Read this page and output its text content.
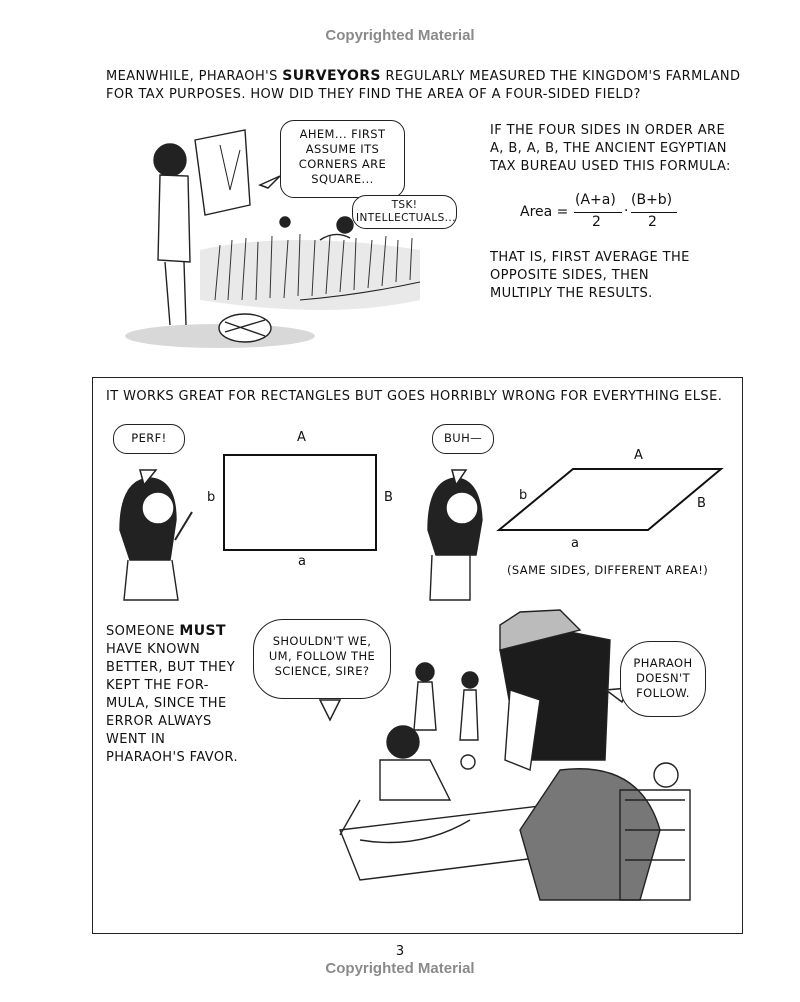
Copyrighted Material
3
Copyrighted Material
MEANWHILE, PHARAOH'S SURVEYORS REGULARLY MEASURED THE KINGDOM'S FARMLAND
FOR TAX PURPOSES. HOW DID THEY FIND THE AREA OF A FOUR-SIDED FIELD?
AHEM... FIRST ASSUME ITS CORNERS ARE SQUARE...
TSK! INTELLECTUALS...
IF THE FOUR SIDES IN ORDER ARE A, B, A, B, THE ANCIENT EGYPTIAN TAX BUREAU USED THIS FORMULA:
Area =
(A+a)
2
·
(B+b)
2
THAT IS, FIRST AVERAGE THE OPPOSITE SIDES, THEN MULTIPLY THE RESULTS.
IT WORKS GREAT FOR RECTANGLES BUT GOES HORRIBLY WRONG FOR EVERYTHING ELSE.
PERF!	BUH—
A
b	B
a
A
b
B
a
(SAME SIDES, DIFFERENT AREA!)
SOMEONE MUST HAVE KNOWN BETTER, BUT THEY KEPT THE FOR-MULA, SINCE THE ERROR ALWAYS WENT IN PHARAOH'S FAVOR.
SHOULDN'T WE, UM, FOLLOW THE SCIENCE, SIRE?
PHARAOH DOESN'T FOLLOW.
